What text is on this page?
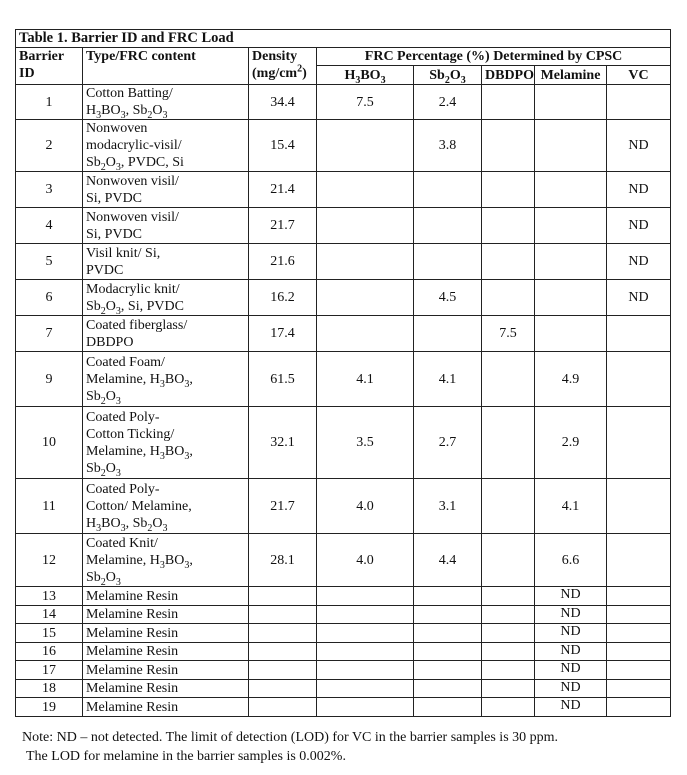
Table 1. Barrier ID and FRC Load
Barrier ID	Type/FRC content	Density
$(mg/cm^2)$	FRC Percentage (%) Determined by CPSC
$H_3BO_3$	$Sb_2O_3$	DBDPO	Melamine	VC
1	Cotton Batting/
$H_3BO_3$, $Sb_2O_3$	34.4	7.5	2.4			
2	Nonwoven
modacrylic-visil/
$Sb_2O_3$, PVDC, Si	15.4		3.8			ND
3	Nonwoven visil/
Si, PVDC	21.4					ND
4	Nonwoven visil/
Si, PVDC	21.7					ND
5	Visil knit/ Si,
PVDC	21.6					ND
6	Modacrylic knit/
$Sb_2O_3$, Si, PVDC	16.2		4.5			ND
7	Coated fiberglass/
DBDPO	17.4			7.5		
9	Coated Foam/
Melamine, $H_3BO_3$,
$Sb_2O_3$	61.5	4.1	4.1		4.9	
10	Coated Poly-
Cotton Ticking/
Melamine, $H_3BO_3$,
$Sb_2O_3$	32.1	3.5	2.7		2.9	
11	Coated Poly-
Cotton/ Melamine,
$H_3BO_3$, $Sb_2O_3$	21.7	4.0	3.1		4.1	
12	Coated Knit/
Melamine, $H_3BO_3$,
$Sb_2O_3$	28.1	4.0	4.4		6.6	
13	Melamine Resin					ND	
14	Melamine Resin					ND	
15	Melamine Resin					ND	
16	Melamine Resin					ND	
17	Melamine Resin					ND	
18	Melamine Resin					ND	
19	Melamine Resin					ND	
Note: ND – not detected. The limit of detection (LOD) for VC in the barrier samples is 30 ppm.
The LOD for melamine in the barrier samples is 0.002%.
